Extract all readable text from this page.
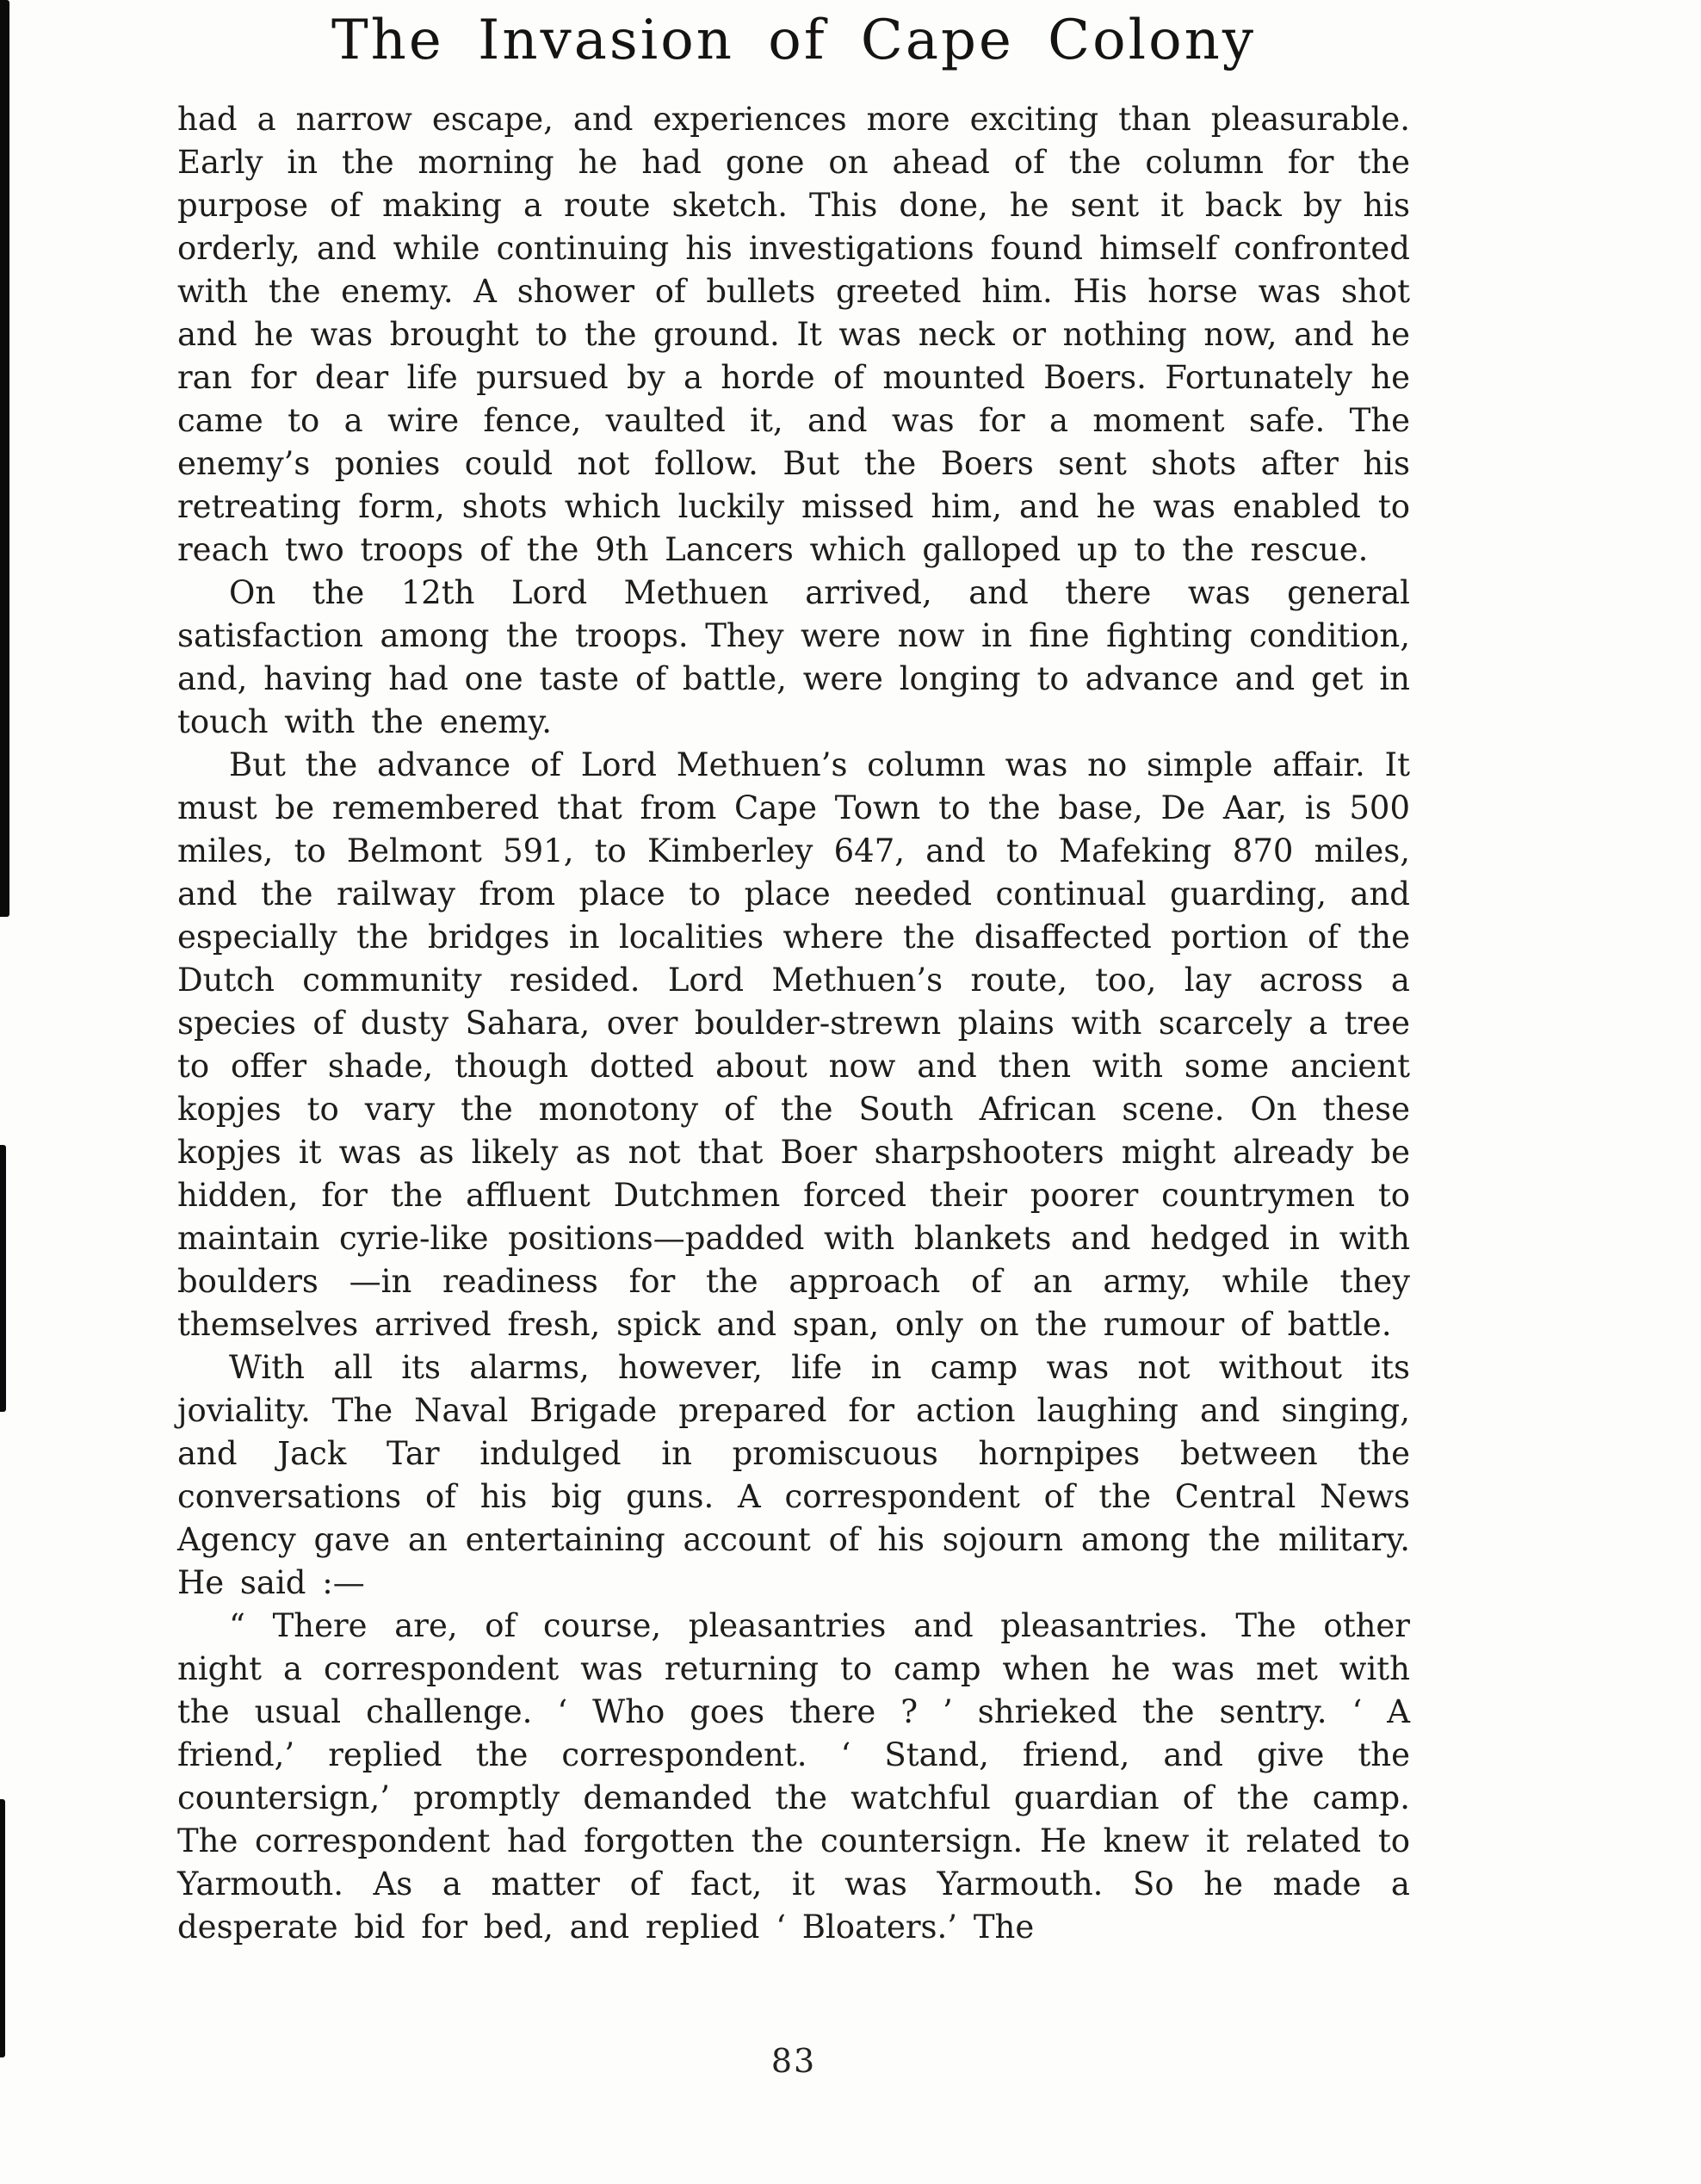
The Invasion of Cape Colony

had a narrow escape, and experiences more exciting than pleasurable. Early in the morning he had gone on ahead of the column for the purpose of making a route sketch. This done, he sent it back by his orderly, and while continuing his investigations found himself confronted with the enemy. A shower of bullets greeted him. His horse was shot and he was brought to the ground. It was neck or nothing now, and he ran for dear life pursued by a horde of mounted Boers. Fortunately he came to a wire fence, vaulted it, and was for a moment safe. The enemy’s ponies could not follow. But the Boers sent shots after his retreating form, shots which luckily missed him, and he was enabled to reach two troops of the 9th Lancers which galloped up to the rescue.

On the 12th Lord Methuen arrived, and there was general satisfaction among the troops. They were now in fine fighting condition, and, having had one taste of battle, were longing to advance and get in touch with the enemy.

But the advance of Lord Methuen’s column was no simple affair. It must be remembered that from Cape Town to the base, De Aar, is 500 miles, to Belmont 591, to Kimberley 647, and to Mafeking 870 miles, and the railway from place to place needed continual guarding, and especially the bridges in localities where the disaffected portion of the Dutch community resided. Lord Methuen’s route, too, lay across a species of dusty Sahara, over boulder-strewn plains with scarcely a tree to offer shade, though dotted about now and then with some ancient kopjes to vary the monotony of the South African scene. On these kopjes it was as likely as not that Boer sharpshooters might already be hidden, for the affluent Dutchmen forced their poorer countrymen to maintain cyrie-like positions—padded with blankets and hedged in with boulders —in readiness for the approach of an army, while they themselves arrived fresh, spick and span, only on the rumour of battle.

With all its alarms, however, life in camp was not without its joviality. The Naval Brigade prepared for action laughing and singing, and Jack Tar indulged in promiscuous hornpipes between the conversations of his big guns. A correspondent of the Central News Agency gave an entertaining account of his sojourn among the military. He said :—

“ There are, of course, pleasantries and pleasantries. The other night a correspondent was returning to camp when he was met with the usual challenge. ‘ Who goes there ? ’ shrieked the sentry. ‘ A friend,’ replied the correspondent. ‘ Stand, friend, and give the countersign,’ promptly demanded the watchful guardian of the camp. The correspondent had forgotten the countersign. He knew it related to Yarmouth. As a matter of fact, it was Yarmouth. So he made a desperate bid for bed, and replied ‘ Bloaters.’ The

83
